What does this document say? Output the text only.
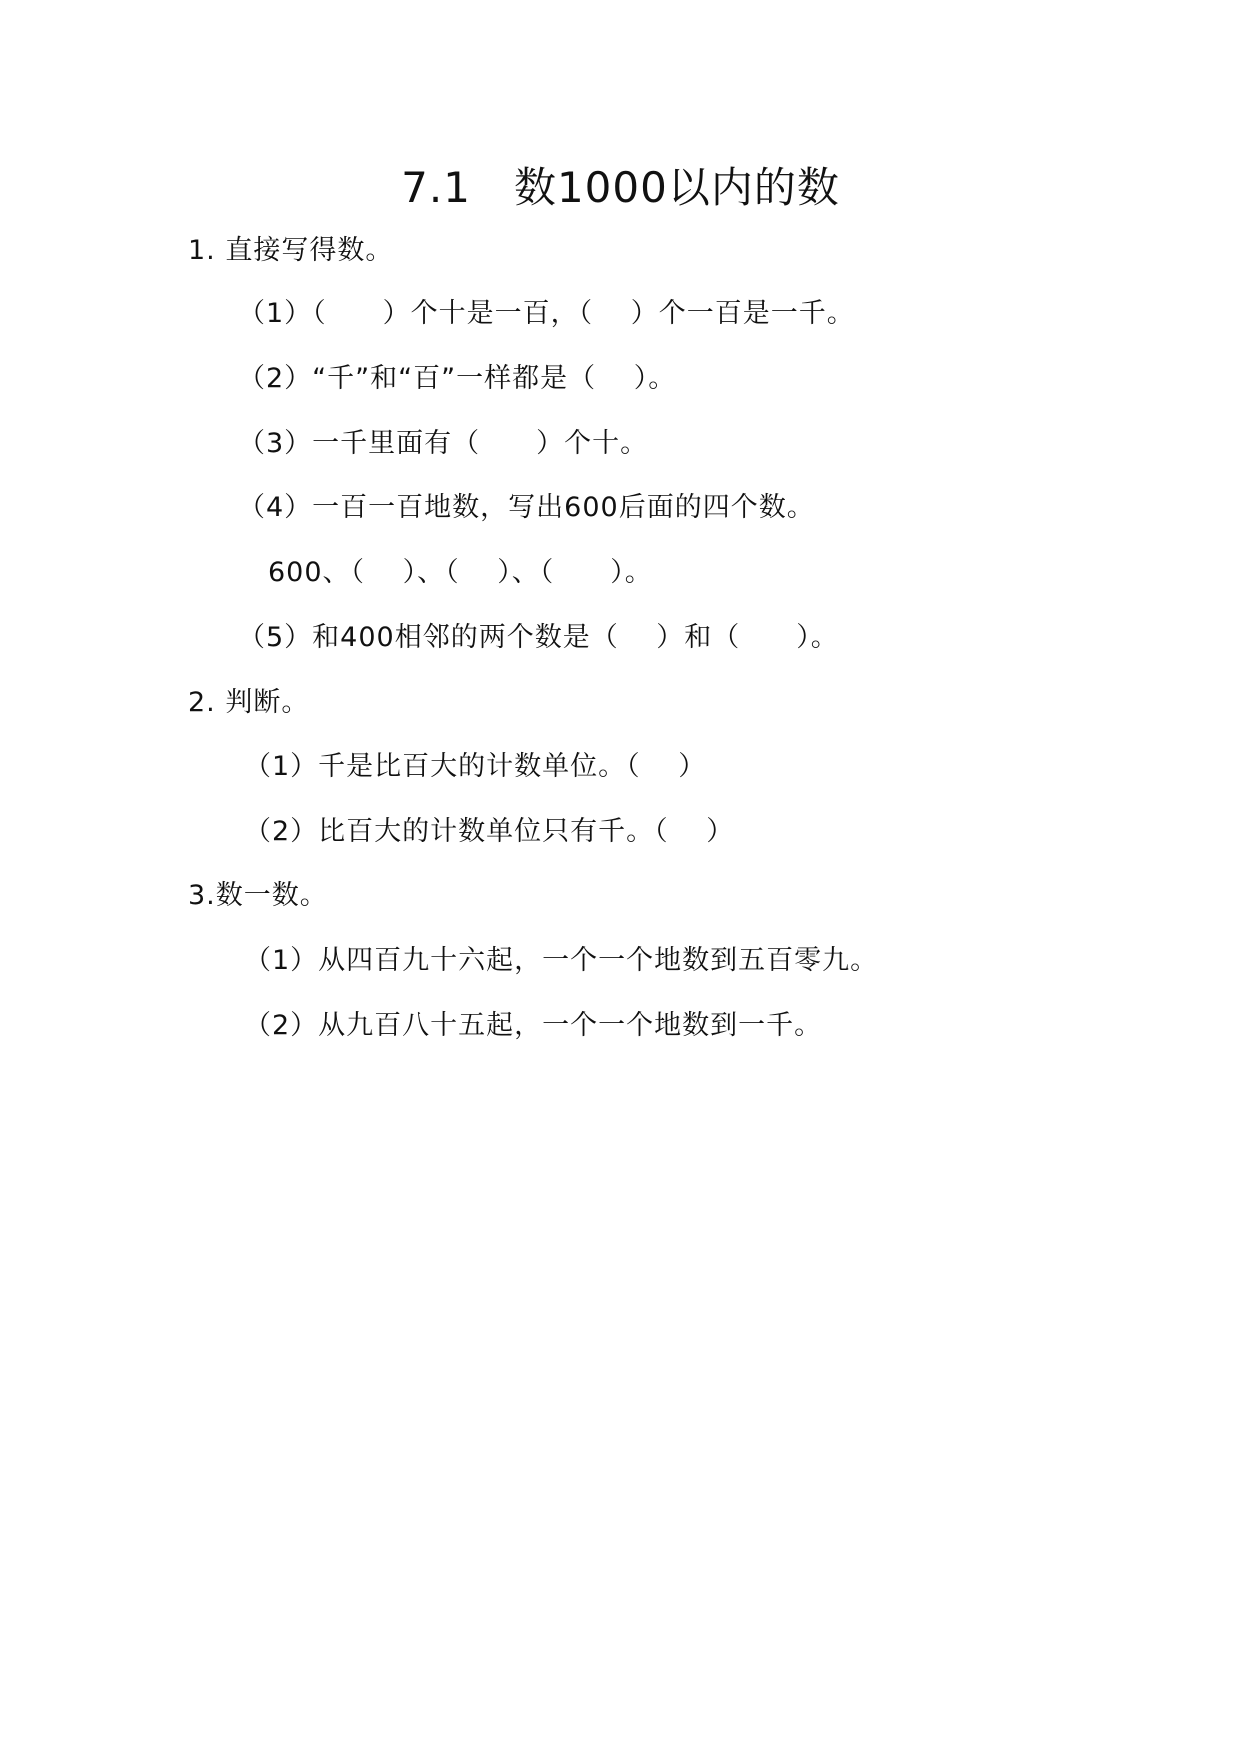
7.1　数1000以内的数
1. 直接写得数。
（1）（　　）个十是一百，（　 ）个一百是一千。
（2）“千”和“百”一样都是（　 ）。
（3）一千里面有（　　）个十。
（4）一百一百地数，写出600后面的四个数。
600、（　 ）、（　 ）、（　　）。
（5）和400相邻的两个数是（　 ）和（　　）。
2. 判断。
（1）千是比百大的计数单位。（　 ）
（2）比百大的计数单位只有千。（　 ）
3.数一数。
（1）从四百九十六起，一个一个地数到五百零九。
（2）从九百八十五起，一个一个地数到一千。
